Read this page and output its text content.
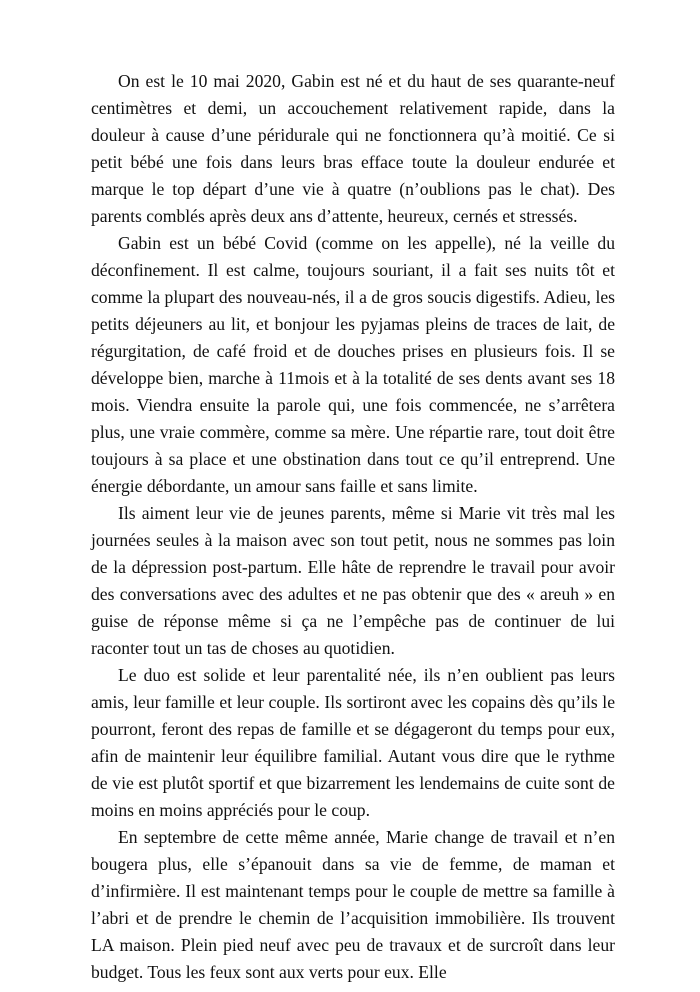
On est le 10 mai 2020, Gabin est né et du haut de ses quarante-neuf centimètres et demi, un accouchement relativement rapide, dans la douleur à cause d’une péridurale qui ne fonctionnera qu’à moitié. Ce si petit bébé une fois dans leurs bras efface toute la douleur endurée et marque le top départ d’une vie à quatre (n’oublions pas le chat). Des parents comblés après deux ans d’attente, heureux, cernés et stressés.

Gabin est un bébé Covid (comme on les appelle), né la veille du déconfinement. Il est calme, toujours souriant, il a fait ses nuits tôt et comme la plupart des nouveau-nés, il a de gros soucis digestifs. Adieu, les petits déjeuners au lit, et bonjour les pyjamas pleins de traces de lait, de régurgitation, de café froid et de douches prises en plusieurs fois. Il se développe bien, marche à 11mois et à la totalité de ses dents avant ses 18 mois. Viendra ensuite la parole qui, une fois commencée, ne s’arrêtera plus, une vraie commère, comme sa mère. Une répartie rare, tout doit être toujours à sa place et une obstination dans tout ce qu’il entreprend. Une énergie débordante, un amour sans faille et sans limite.

Ils aiment leur vie de jeunes parents, même si Marie vit très mal les journées seules à la maison avec son tout petit, nous ne sommes pas loin de la dépression post-partum. Elle hâte de reprendre le travail pour avoir des conversations avec des adultes et ne pas obtenir que des « areuh » en guise de réponse même si ça ne l’empêche pas de continuer de lui raconter tout un tas de choses au quotidien.

Le duo est solide et leur parentalité née, ils n’en oublient pas leurs amis, leur famille et leur couple. Ils sortiront avec les copains dès qu’ils le pourront, feront des repas de famille et se dégageront du temps pour eux, afin de maintenir leur équilibre familial. Autant vous dire que le rythme de vie est plutôt sportif et que bizarrement les lendemains de cuite sont de moins en moins appréciés pour le coup.

En septembre de cette même année, Marie change de travail et n’en bougera plus, elle s’épanouit dans sa vie de femme, de maman et d’infirmière. Il est maintenant temps pour le couple de mettre sa famille à l’abri et de prendre le chemin de l’acquisition immobilière. Ils trouvent LA maison. Plein pied neuf avec peu de travaux et de surcroît dans leur budget. Tous les feux sont aux verts pour eux. Elle
